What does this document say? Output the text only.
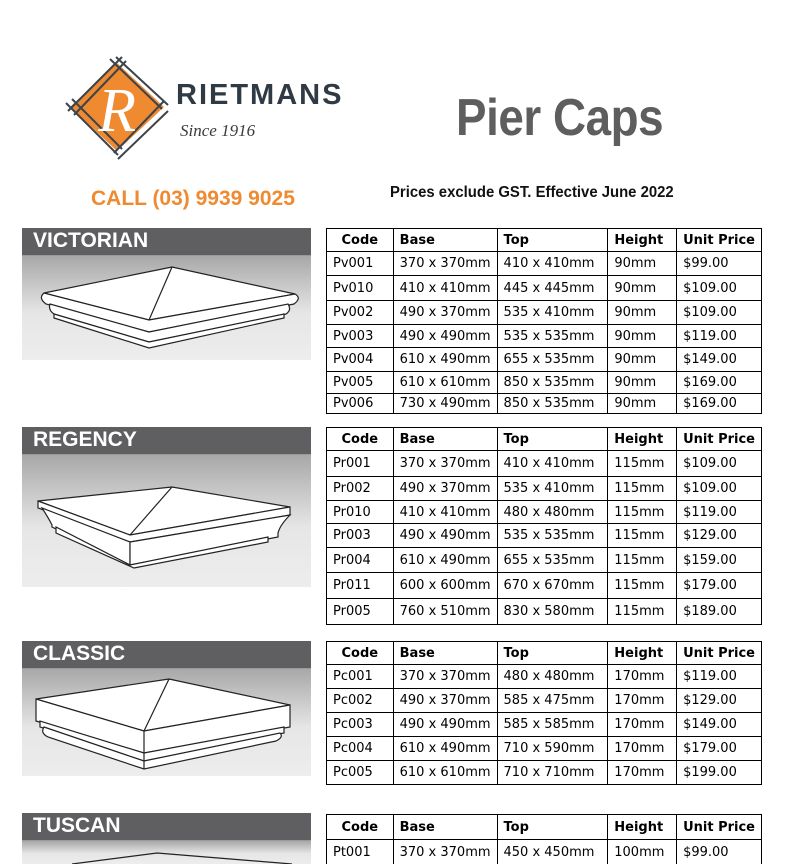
R RIETMANS
Since 1916	Pier Caps
CALL (03) 9939 9025	Prices exclude GST. Effective June 2022
VICTORIAN	Code	Base	Top	Height	Unit Price
Pv001	370 x 370mm	410 x 410mm	90mm	$99.00
Pv010	410 x 410mm	445 x 445mm	90mm	$109.00
Pv002	490 x 370mm	535 x 410mm	90mm	$109.00
Pv003	490 x 490mm	535 x 535mm	90mm	$119.00
Pv004	610 x 490mm	655 x 535mm	90mm	$149.00
Pv005	610 x 610mm	850 x 535mm	90mm	$169.00
Pv006	730 x 490mm	850 x 535mm	90mm	$169.00
REGENCY	Code	Base	Top	Height	Unit Price
Pr001	370 x 370mm	410 x 410mm	115mm	$109.00
Pr002	490 x 370mm	535 x 410mm	115mm	$109.00
Pr010	410 x 410mm	480 x 480mm	115mm	$119.00
Pr003	490 x 490mm	535 x 535mm	115mm	$129.00
Pr004	610 x 490mm	655 x 535mm	115mm	$159.00
Pr011	600 x 600mm	670 x 670mm	115mm	$179.00
Pr005	760 x 510mm	830 x 580mm	115mm	$189.00
CLASSIC	Code	Base	Top	Height	Unit Price
Pc001	370 x 370mm	480 x 480mm	170mm	$119.00
Pc002	490 x 370mm	585 x 475mm	170mm	$129.00
Pc003	490 x 490mm	585 x 585mm	170mm	$149.00
Pc004	610 x 490mm	710 x 590mm	170mm	$179.00
Pc005	610 x 610mm	710 x 710mm	170mm	$199.00
TUSCAN	Code	Base	Top	Height	Unit Price
Pt001	370 x 370mm	450 x 450mm	100mm	$99.00
